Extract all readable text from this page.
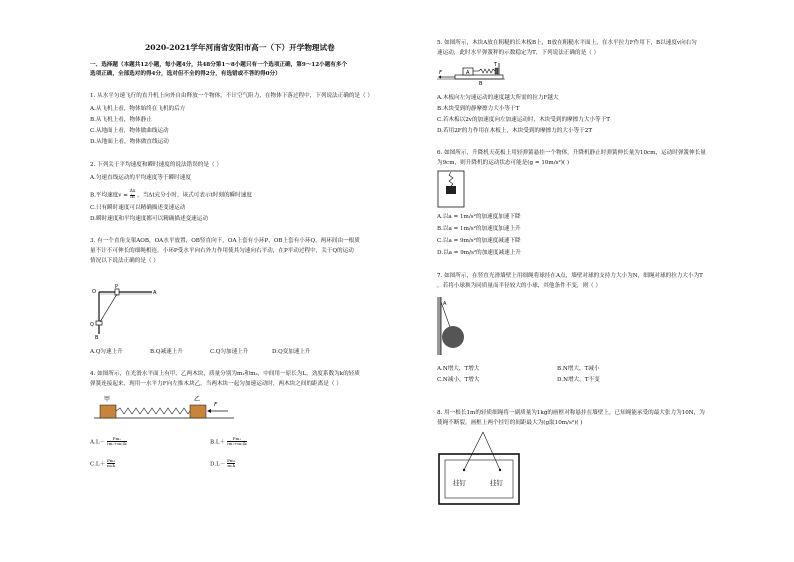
2020-2021学年河南省安阳市高一（下）开学物理试卷
一、选择题（本题共12小题，每小题4分，共48分第1～8小题只有一个选项正确，第9～12小题有多个
选项正确，全部选对的得4分，选对但不全的得2分，有选错或不答的得0分）
1. 从水平匀速飞行的直升机上向外自由释放一个物体，不计空气阻力，在物体下落过程中，下列说法正确的是（ ）
A.从飞机上看，物体始终在飞机的后方
B.从飞机上看，物体静止
C.从地面上看，物体做曲线运动
D.从地面上看，物体做直线运动
2. 下列关于平均速度和瞬时速度的说法错误的是（ ）
A.匀速直线运动的平均速度等于瞬时速度
B.平均速度$v = \frac{\Delta x}{\Delta t}$ ，当Δt充分小时，该式可表示t时刻的瞬时速度
C.只有瞬时速度可以精确描述变速运动
D.瞬时速度和平均速度都可以精确描述变速运动
3. 有一个直角支架AOB，OA水平放置，OB竖直向下，OA上套有小环P，OB上套有小环Q，两环间由一根质
量不计不可伸长的细绳相连，小环P受水平向右外力作用使其匀速向右平动，在P平动过程中，关于Q的运动
情况以下说法正确的是（ ）
O
P
A
Q
B
A.Q匀速上升	B.Q减速上升	C.Q匀加速上升	D.Q变加速上升
4. 如图所示，在光滑水平面上有甲、乙两木块，质量分别为m₁和m₂，中间用一原长为L，劲度系数为k的轻质
弹簧连接起来，现用一水平力F向左推木块乙，当两木块一起匀加速运动时，两木块之间的距离是（ ）
甲	乙
F
$A.L- \frac{\text{Fm₁}}{\text{(m₁+m₂)k}}$	$B.L+ \frac{\text{Fm₁}}{\text{(m₁+m₂)k}}$
$C.L+ \frac{\text{Fm₁}}{\text{m₂k}}$	$D.L- \frac{\text{Fm₂}}{\text{m₁k}}$
5. 如图所示，木块A放在粗糙的长木板B上，B放在粗糙水平面上，在水平拉力F作用下，B以速度v向右匀
速运动，此时水平弹簧秤的示数稳定为T，下列说法正确的是（ ）
F	A
B
T
A.木板向左匀速运动的速度越大所需的拉力F越大
B.木块受到的静摩擦力大小等于T
C.若木板以2v的加速度向左加速运动时，木块受到的摩擦力大小等于T
D.若用2F的力作用在木板上，木块受到的摩擦力的大小等于2T
6. 如图所示，升降机天花板上用轻弹簧悬挂一个物体，升降机静止时弹簧伸长量为10cm，运动时弹簧伸长量
为9cm，则升降机的运动状态可能是(g = 10m/s²)( )
A.以a = 1m/s²的加速度加速下降
B.以a = 1m/s²的加速度加速上升
C.以a = 9m/s²的加速度减速下降
D.以a = 9m/s²的加速度减速上升
7. 如图所示，在竖直光滑墙壁上用细绳将球挂在A点，墙壁对球的支持力大小为N，细绳对球的拉力大小为T
，若将小球换为同质量而半径较大的小球，其他条件不变，则（ ）
A
A.N增大，T增大	B.N增大，T减小
C.N减小，T增大	D.N增大，T不变
8. 用一根长1m的轻质细绳将一副质量为1kg的画框对称悬挂在墙壁上，已知绳能承受的最大张力为10N，为
使绳不断裂，画框上两个挂钉的间距最大为(g取10m/s²)( )
挂钉	挂钉
